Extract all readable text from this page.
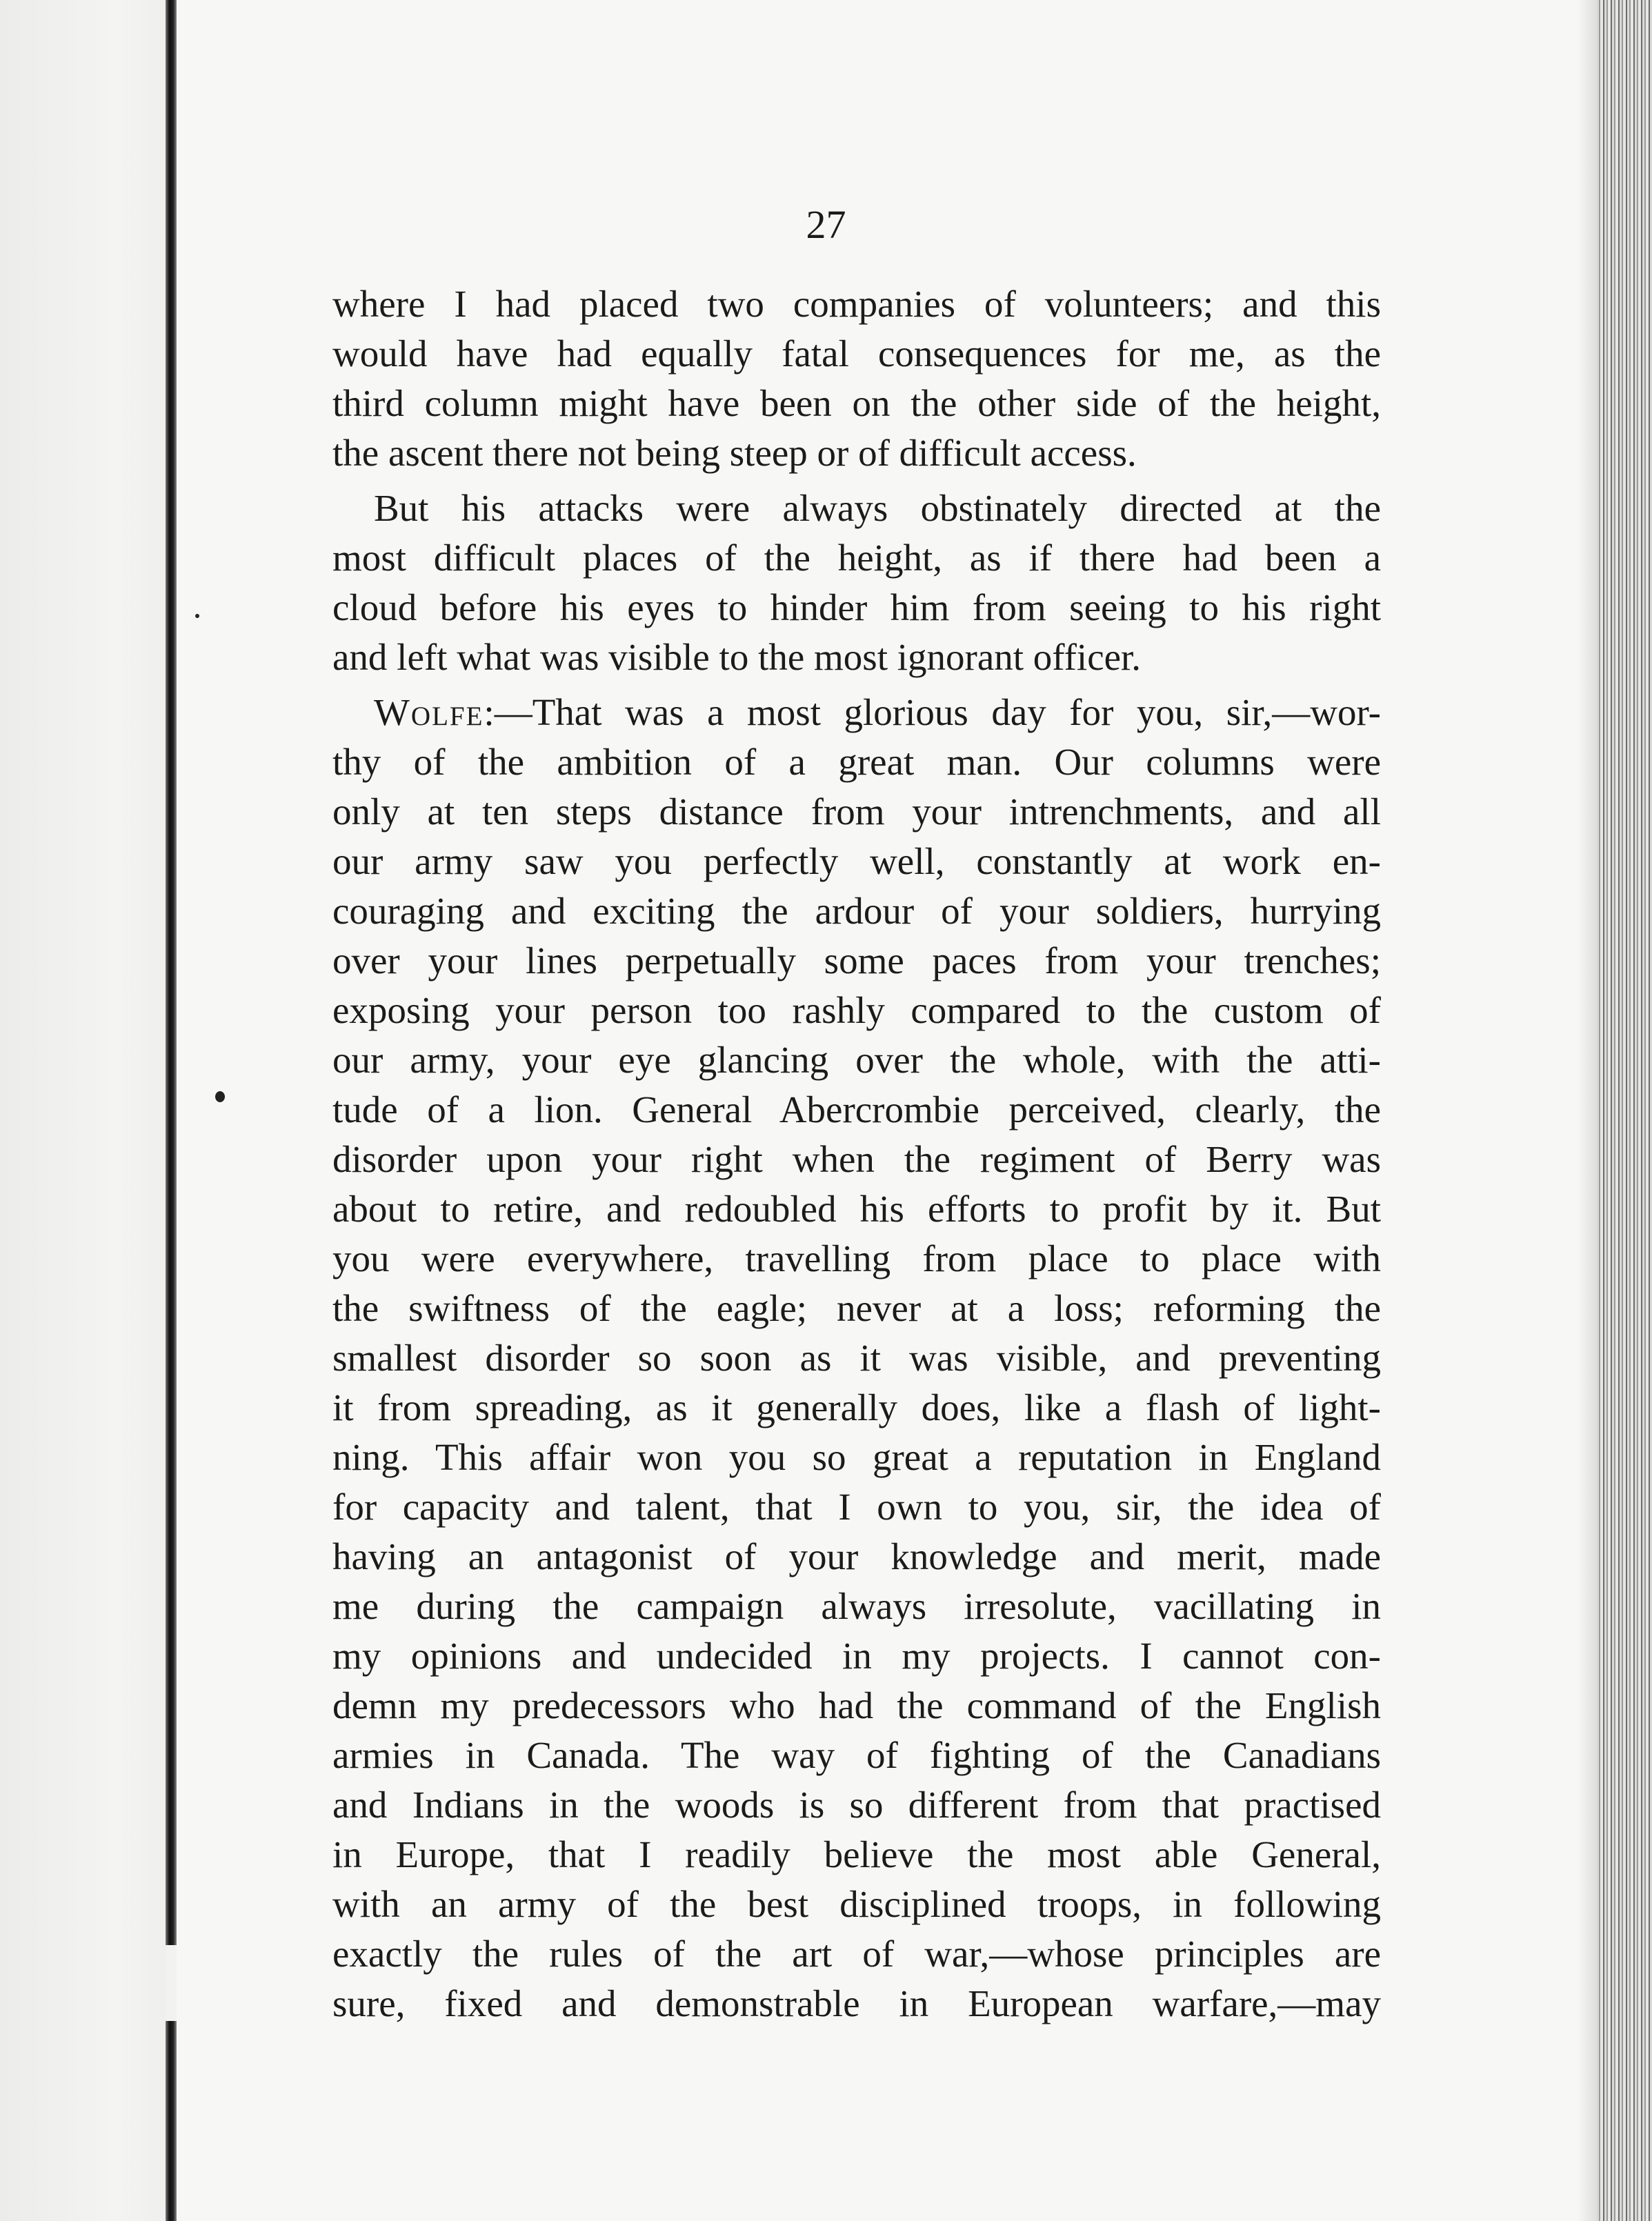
27
where I had placed two companies of volunteers; and this
would have had equally fatal consequences for me, as the
third column might have been on the other side of the height,
the ascent there not being steep or of difficult access.
But his attacks were always obstinately directed at the
most difficult places of the height, as if there had been a
cloud before his eyes to hinder him from seeing to his right
and left what was visible to the most ignorant officer.
Wolfe:—That was a most glorious day for you, sir,—wor-
thy of the ambition of a great man. Our columns were
only at ten steps distance from your intrenchments, and all
our army saw you perfectly well, constantly at work en-
couraging and exciting the ardour of your soldiers, hurrying
over your lines perpetually some paces from your trenches;
exposing your person too rashly compared to the custom of
our army, your eye glancing over the whole, with the atti-
tude of a lion. General Abercrombie perceived, clearly, the
disorder upon your right when the regiment of Berry was
about to retire, and redoubled his efforts to profit by it. But
you were everywhere, travelling from place to place with
the swiftness of the eagle; never at a loss; reforming the
smallest disorder so soon as it was visible, and preventing
it from spreading, as it generally does, like a flash of light-
ning. This affair won you so great a reputation in England
for capacity and talent, that I own to you, sir, the idea of
having an antagonist of your knowledge and merit, made
me during the campaign always irresolute, vacillating in
my opinions and undecided in my projects. I cannot con-
demn my predecessors who had the command of the English
armies in Canada. The way of fighting of the Canadians
and Indians in the woods is so different from that practised
in Europe, that I readily believe the most able General,
with an army of the best disciplined troops, in following
exactly the rules of the art of war,—whose principles are
sure, fixed and demonstrable in European warfare,—may
